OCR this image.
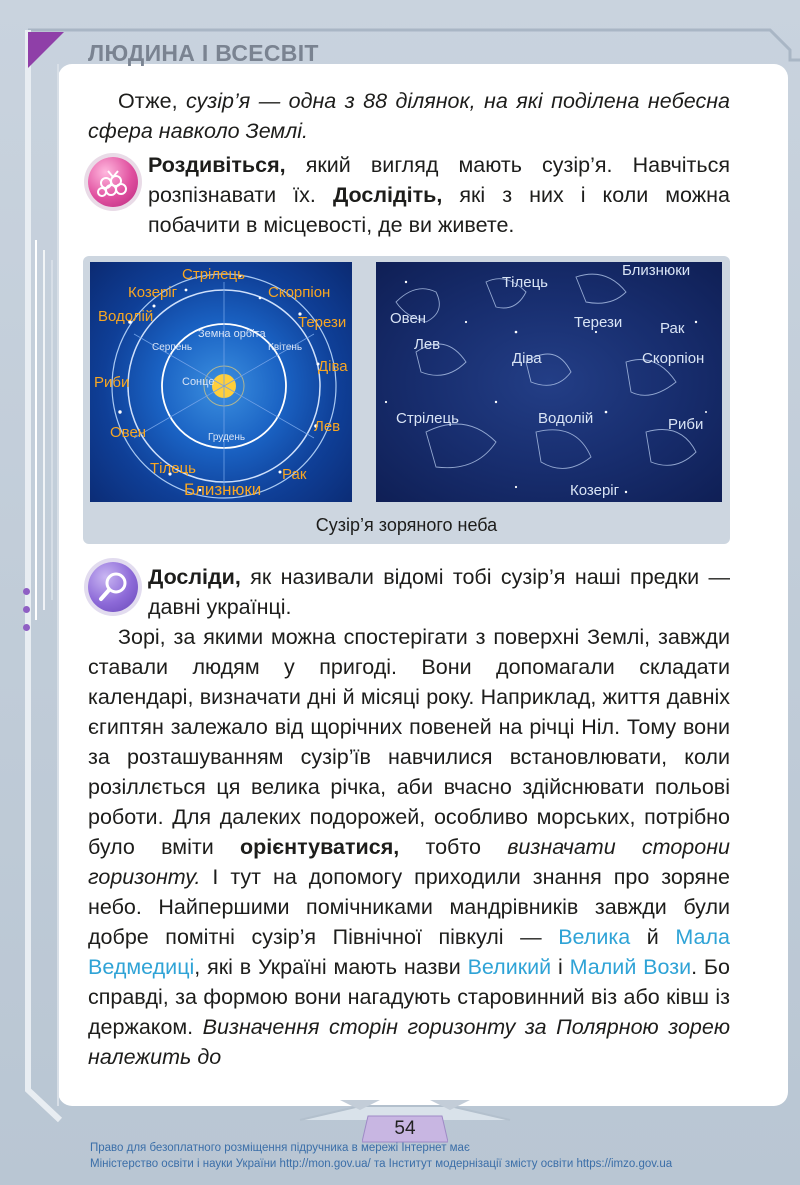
ЛЮДИНА І ВСЕСВІТ

Отже, сузір’я — одна з 88 ділянок, на які поділена небесна сфера навколо Землі.

Роздивіться, який вигляд мають сузір’я. Навчіться розпізнавати їх. Дослідіть, які з них і коли можна побачити в місцевості, де ви живете.

Стрілець
Козеріг	Скорпіон
Водолій	Терези
Риби
Діва
Овен	Лев
Тілець	Рак
Близнюки
Сонце
Земна орбіта
Серпень	Квітень
Грудень
Тілець
Близнюки
Овен	Терези	Рак
Лев
Діва	Скорпіон
Стрілець	Водолій	Риби
Козеріг
Сузір’я зоряного неба

Досліди, як називали відомі тобі сузір’я наші предки — давні українці.

Зорі, за якими можна спостерігати з поверхні Землі, завжди ставали людям у пригоді. Вони допомагали складати календарі, визначати дні й місяці року. Наприклад, життя давніх єгиптян залежало від щорічних повеней на річці Ніл. Тому вони за розташуванням сузір’їв навчилися встановлювати, коли розіллється ця велика річка, аби вчасно здійснювати польові роботи. Для далеких подорожей, особливо морських, потрібно було вміти орієнтуватися, тобто визначати сторони горизонту. І тут на допомогу приходили знання про зоряне небо. Найпершими помічниками мандрівників завжди були добре помітні сузір’я Північної півкулі — Велика й Мала Ведмедиці, які в Україні мають назви Великий і Малий Вози. Бо справді, за формою вони нагадують старовинний віз або ківш із держаком. Визначення сторін горизонту за Полярною зорею належить до

54
Право для безоплатного розміщення підручника в мережі Інтернет має
Міністерство освіти і науки України http://mon.gov.ua/ та Інститут модернізації змісту освіти https://imzo.gov.ua
